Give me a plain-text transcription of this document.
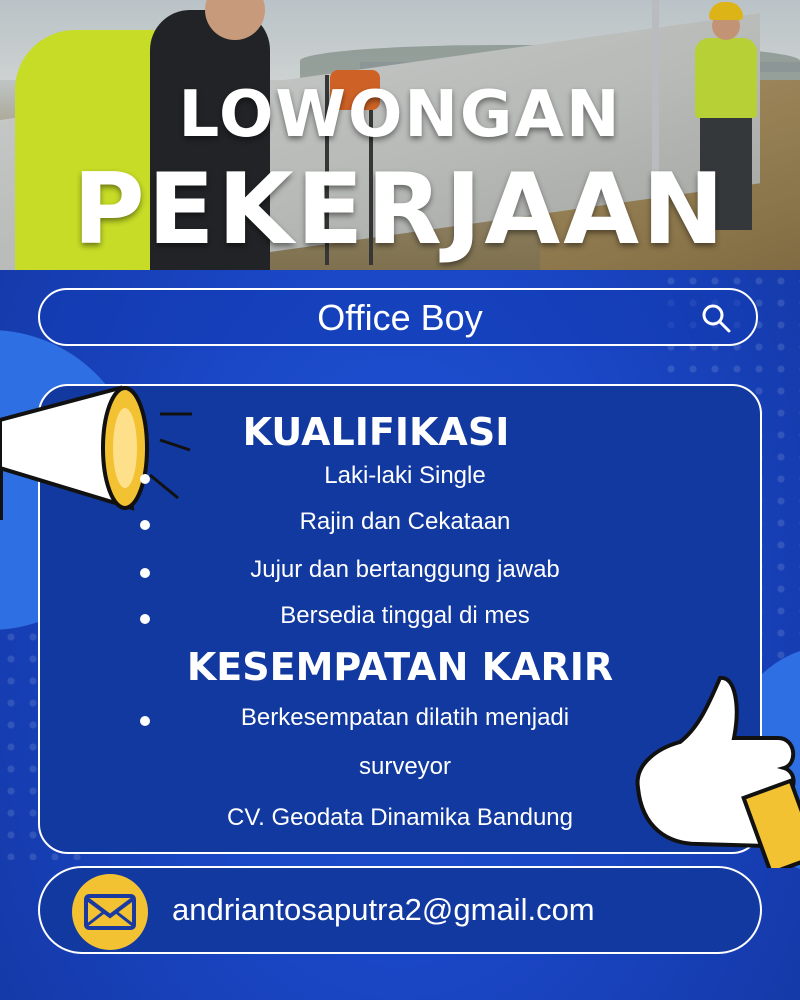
LOWONGAN
PEKERJAAN
Office Boy
KUALIFIKASI
Laki-laki Single
Rajin dan Cekataan
Jujur dan bertanggung jawab
Bersedia tinggal di mes
KESEMPATAN KARIR
Berkesempatan dilatih menjadi
surveyor
CV. Geodata Dinamika Bandung
andriantosaputra2@gmail.com
